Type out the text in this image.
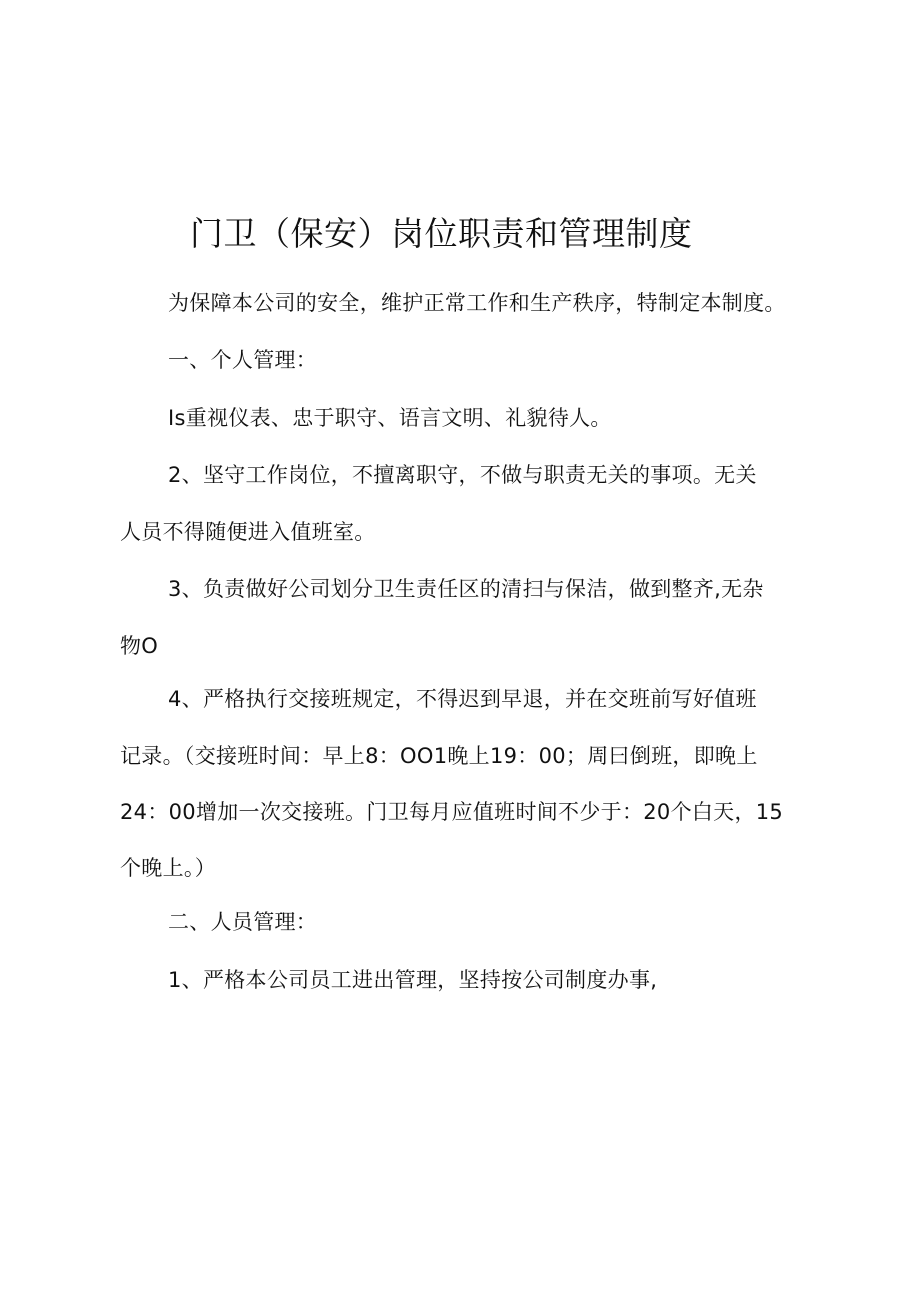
门卫（保安）岗位职责和管理制度
为保障本公司的安全，维护正常工作和生产秩序，特制定本制度。
一、个人管理：
Is重视仪表、忠于职守、语言文明、礼貌待人。
2、坚守工作岗位，不擅离职守，不做与职责无关的事项。无关
人员不得随便进入值班室。
3、负责做好公司划分卫生责任区的清扫与保洁，做到整齐,无杂
物O
4、严格执行交接班规定，不得迟到早退，并在交班前写好值班
记录。（交接班时间：早上8：OO1晚上19：00；周曰倒班，即晚上
24：00增加一次交接班。门卫每月应值班时间不少于：20个白天，15
个晚上。）
二、人员管理：
1、严格本公司员工进出管理，坚持按公司制度办事,
